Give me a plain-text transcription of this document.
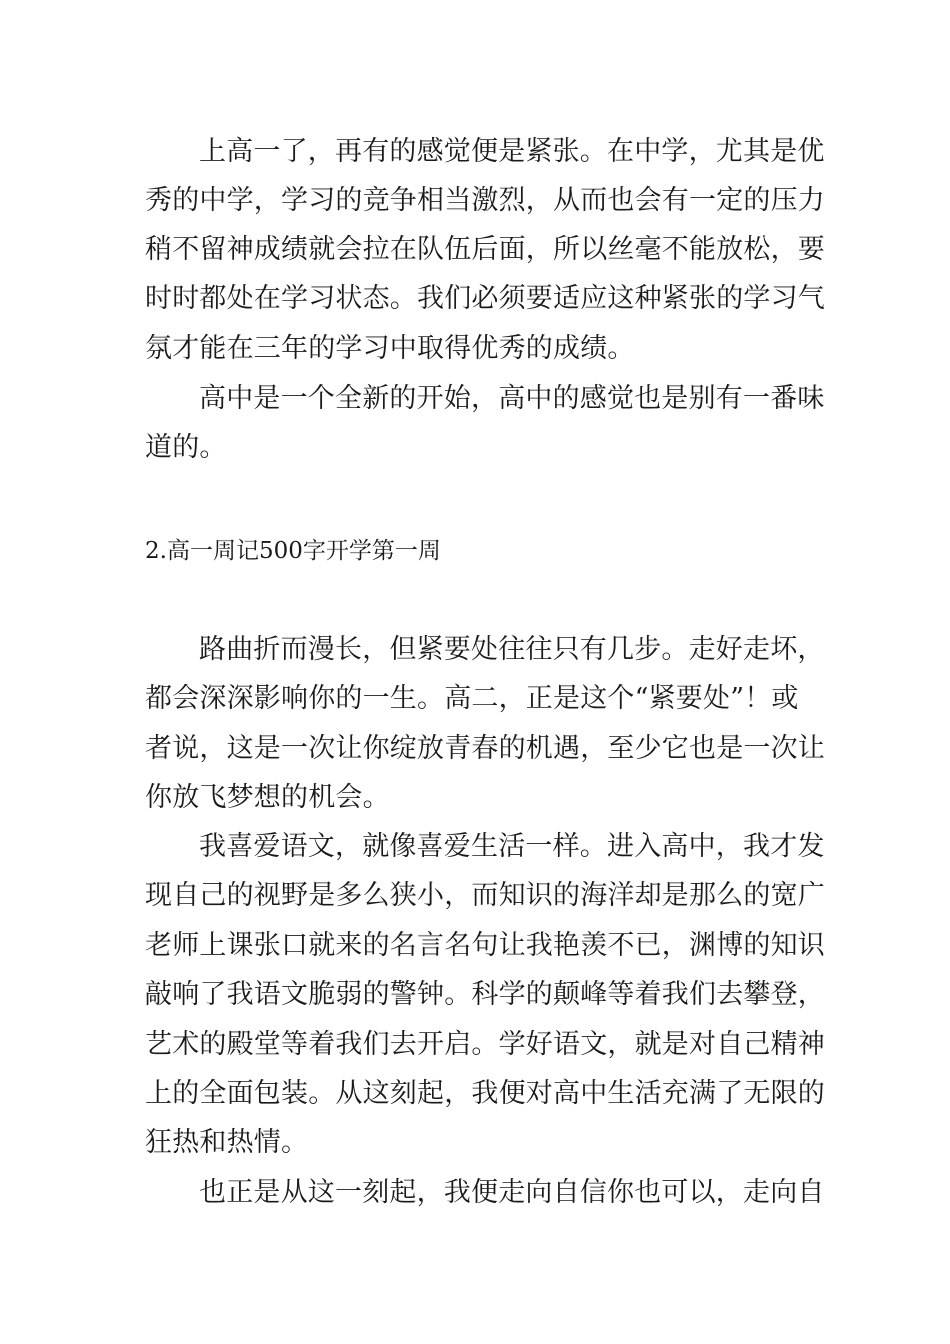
上高一了，再有的感觉便是紧张。在中学，尤其是优
秀的中学，学习的竞争相当激烈，从而也会有一定的压力
稍不留神成绩就会拉在队伍后面，所以丝毫不能放松，要
时时都处在学习状态。我们必须要适应这种紧张的学习气
氛才能在三年的学习中取得优秀的成绩。
高中是一个全新的开始，高中的感觉也是别有一番味
道的。
2.高一周记500字开学第一周
路曲折而漫长，但紧要处往往只有几步。走好走坏，
都会深深影响你的一生。高二，正是这个“紧要处”！或
者说，这是一次让你绽放青春的机遇，至少它也是一次让
你放飞梦想的机会。
我喜爱语文，就像喜爱生活一样。进入高中，我才发
现自己的视野是多么狭小，而知识的海洋却是那么的宽广
老师上课张口就来的名言名句让我艳羡不已，渊博的知识
敲响了我语文脆弱的警钟。科学的颠峰等着我们去攀登，
艺术的殿堂等着我们去开启。学好语文，就是对自己精神
上的全面包装。从这刻起，我便对高中生活充满了无限的
狂热和热情。
也正是从这一刻起，我便走向自信你也可以，走向自
